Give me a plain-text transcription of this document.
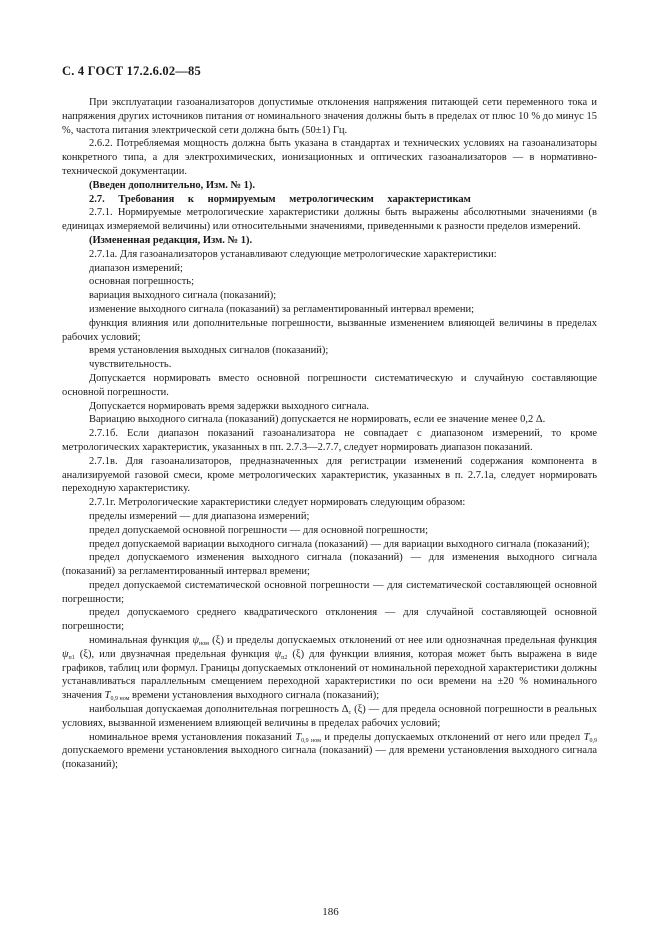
С. 4 ГОСТ 17.2.6.02—85

При эксплуатации газоанализаторов допустимые отклонения напряжения питающей сети переменного тока и напряжения других источников питания от номинального значения должны быть в пределах от плюс 10 % до минус 15 %, частота питания электрической сети должна быть (50±1) Гц.

2.6.2. Потребляемая мощность должна быть указана в стандартах и технических условиях на газоанализаторы конкретного типа, а для электрохимических, ионизационных и оптических газоанализаторов — в нормативно-технической документации.

(Введен дополнительно, Изм. № 1).

2.7. Требования к нормируемым метрологическим характеристикам

2.7.1. Нормируемые метрологические характеристики должны быть выражены абсолютными значениями (в единицах измеряемой величины) или относительными значениями, приведенными к разности пределов измерений.

(Измененная редакция, Изм. № 1).

2.7.1а. Для газоанализаторов устанавливают следующие метрологические характеристики:

диапазон измерений;

основная погрешность;

вариация выходного сигнала (показаний);

изменение выходного сигнала (показаний) за регламентированный интервал времени;

функция влияния или дополнительные погрешности, вызванные изменением влияющей величины в пределах рабочих условий;

время установления выходных сигналов (показаний);

чувствительность.

Допускается нормировать вместо основной погрешности систематическую и случайную составляющие основной погрешности.

Допускается нормировать время задержки выходного сигнала.

Вариацию выходного сигнала (показаний) допускается не нормировать, если ее значение менее 0,2 Δ.

2.7.1б. Если диапазон показаний газоанализатора не совпадает с диапазоном измерений, то кроме метрологических характеристик, указанных в пп. 2.7.3—2.7.7, следует нормировать диапазон показаний.

2.7.1в. Для газоанализаторов, предназначенных для регистрации изменений содержания компонента в анализируемой газовой смеси, кроме метрологических характеристик, указанных в п. 2.7.1а, следует нормировать переходную характеристику.

2.7.1г. Метрологические характеристики следует нормировать следующим образом:

пределы измерений — для диапазона измерений;

предел допускаемой основной погрешности — для основной погрешности;

предел допускаемой вариации выходного сигнала (показаний) — для вариации выходного сигнала (показаний);

предел допускаемого изменения выходного сигнала (показаний) — для изменения выходного сигнала (показаний) за регламентированный интервал времени;

предел допускаемой систематической основной погрешности — для систематической составляющей основной погрешности;

предел допускаемого среднего квадратического отклонения — для случайной составляющей основной погрешности;

номинальная функция $\psi_{ном}$ (ξ) и пределы допускаемых отклонений от нее или однозначная предельная функция $\psi_{п1}$ (ξ), или двузначная предельная функция $\psi_{п2}$ (ξ) для функции влияния, которая может быть выражена в виде графиков, таблиц или формул. Границы допускаемых отклонений от номинальной переходной характеристики должны устанавливаться параллельным смещением переходной характеристики по оси времени на ±20 % номинального значения $T_{0,9 ном}$ времени установления выходного сигнала (показаний);

наибольшая допускаемая дополнительная погрешность $\Delta_c$ (ξ) — для предела основной погрешности в реальных условиях, вызванной изменением влияющей величины в пределах рабочих условий;

номинальное время установления показаний $T_{0,9 ном}$ и пределы допускаемых отклонений от него или предел $T_{0,9}$ допускаемого времени установления выходного сигнала (показаний) — для времени установления выходного сигнала (показаний);

186
